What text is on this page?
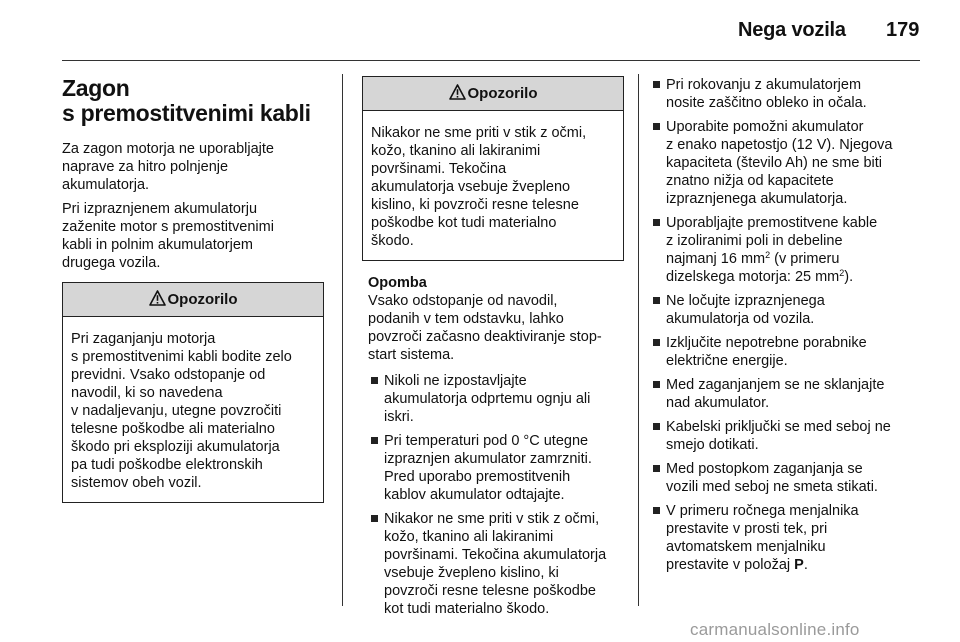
Nega vozila 179
Zagon
s premostitvenimi kabli

Za zagon motorja ne uporabljajte
naprave za hitro polnjenje
akumulatorja.

Pri izpraznjenem akumulatorju
zaženite motor s premostitvenimi
kabli in polnim akumulatorjem
drugega vozila.

Opozorilo
Pri zaganjanju motorja
s premostitvenimi kabli bodite zelo
previdni. Vsako odstopanje od
navodil, ki so navedena
v nadaljevanju, utegne povzročiti
telesne poškodbe ali materialno
škodo pri eksploziji akumulatorja
pa tudi poškodbe elektronskih
sistemov obeh vozil.
Opozorilo
Nikakor ne sme priti v stik z očmi,
kožo, tkanino ali lakiranimi
površinami. Tekočina
akumulatorja vsebuje žvepleno
kislino, ki povzroči resne telesne
poškodbe kot tudi materialno
škodo.
Opomba
Vsako odstopanje od navodil,
podanih v tem odstavku, lahko
povzroči začasno deaktiviranje stop-
start sistema.
Nikoli ne izpostavljajte
akumulatorja odprtemu ognju ali
iskri.
Pri temperaturi pod 0 °C utegne
izpraznjen akumulator zamrzniti.
Pred uporabo premostitvenih
kablov akumulator odtajajte.
Nikakor ne sme priti v stik z očmi,
kožo, tkanino ali lakiranimi
površinami. Tekočina akumulatorja
vsebuje žvepleno kislino, ki
povzroči resne telesne poškodbe
kot tudi materialno škodo.
Pri rokovanju z akumulatorjem
nosite zaščitno obleko in očala.
Uporabite pomožni akumulator
z enako napetostjo (12 V). Njegova
kapaciteta (število Ah) ne sme biti
znatno nižja od kapacitete
izpraznjenega akumulatorja.
Uporabljajte premostitvene kable
z izoliranimi poli in debeline
najmanj 16 $mm^2$ (v primeru
dizelskega motorja: 25 $mm^2$).
Ne ločujte izpraznjenega
akumulatorja od vozila.
Izključite nepotrebne porabnike
električne energije.
Med zaganjanjem se ne sklanjajte
nad akumulator.
Kabelski priključki se med seboj ne
smejo dotikati.
Med postopkom zaganjanja se
vozili med seboj ne smeta stikati.
V primeru ročnega menjalnika
prestavite v prosti tek, pri
avtomatskem menjalniku
prestavite v položaj P.
carmanualsonline.info
